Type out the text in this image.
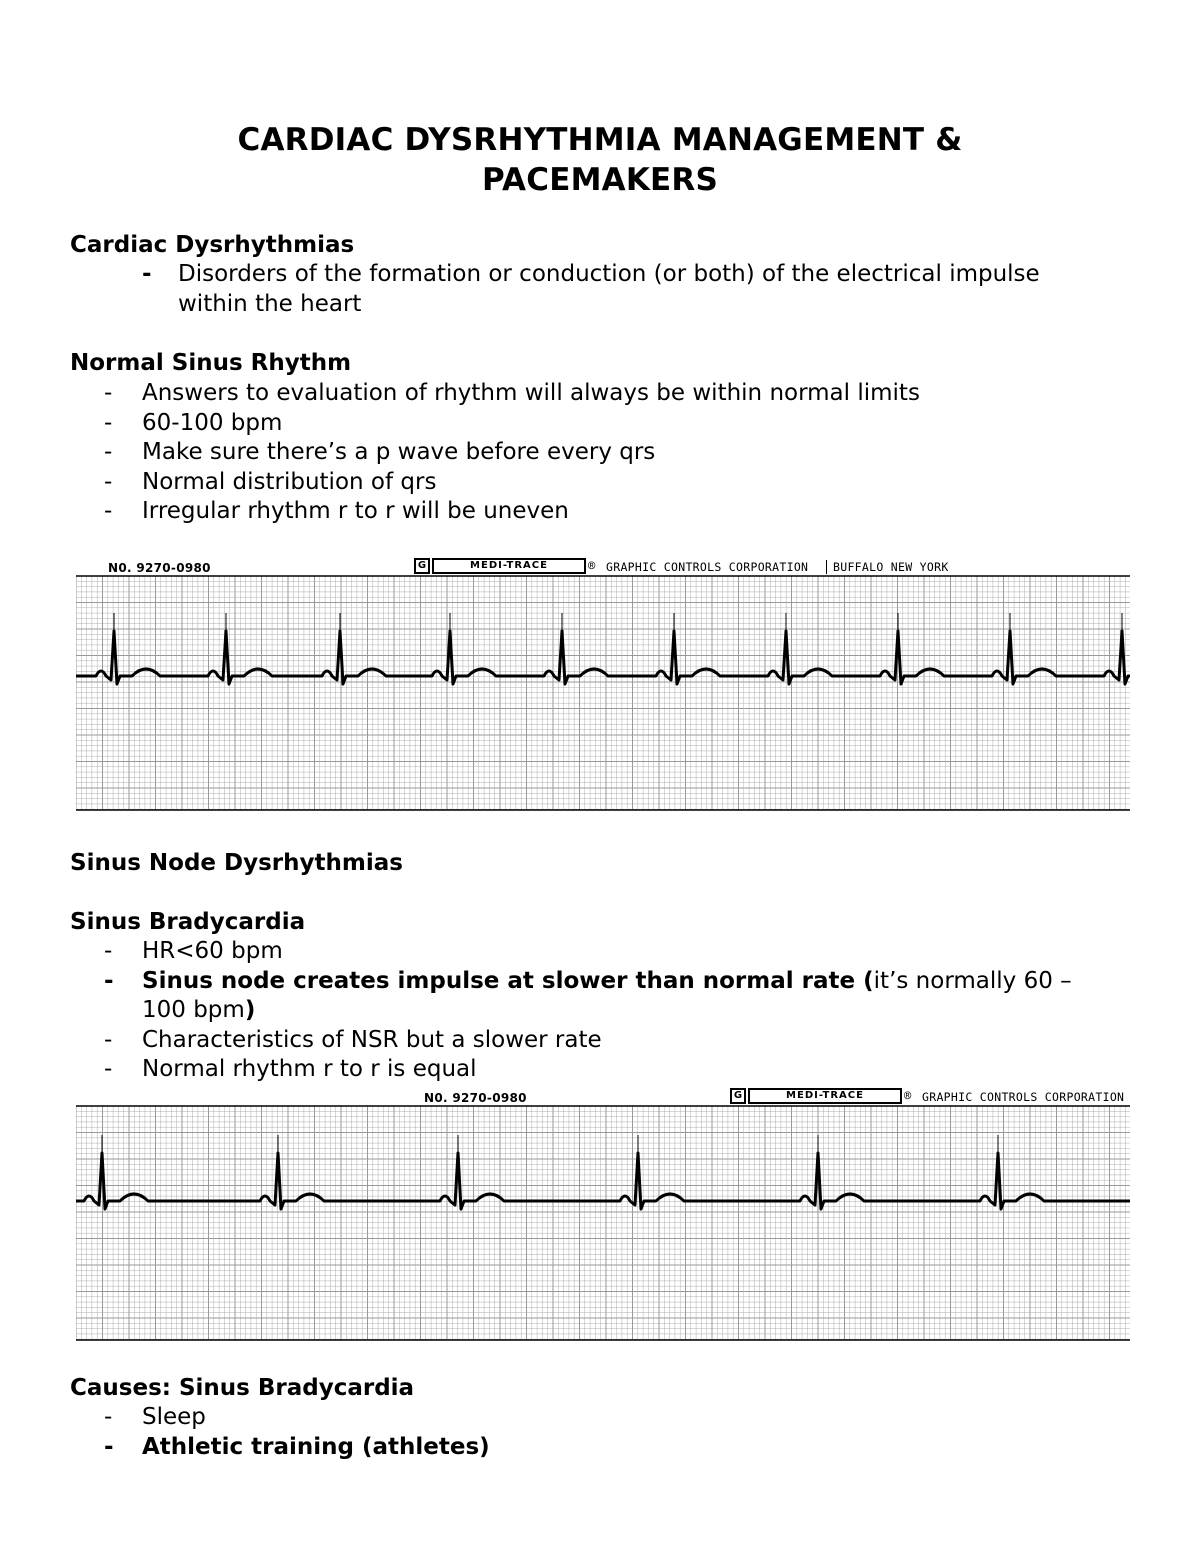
CARDIAC DYSRHYTHMIA MANAGEMENT &
PACEMAKERS
Cardiac Dysrhythmias
- Disorders of the formation or conduction (or both) of the electrical impulse within the heart
Normal Sinus Rhythm
- Answers to evaluation of rhythm will always be within normal limits
- 60-100 bpm
- Make sure there’s a p wave before every qrs
- Normal distribution of qrs
- Irregular rhythm r to r will be uneven
N0. 9270-0980	G	MEDI-TRACE	® GRAPHIC CONTROLS CORPORATION	BUFFALO NEW YORK
Sinus Node Dysrhythmias
Sinus Bradycardia
- HR<60 bpm
- Sinus node creates impulse at slower than normal rate (it’s normally 60 – 100 bpm)
- Characteristics of NSR but a slower rate
- Normal rhythm r to r is equal
N0. 9270-0980	G	MEDI-TRACE	® GRAPHIC CONTROLS CORPORATION
Causes: Sinus Bradycardia
- Sleep
- Athletic training (athletes)
